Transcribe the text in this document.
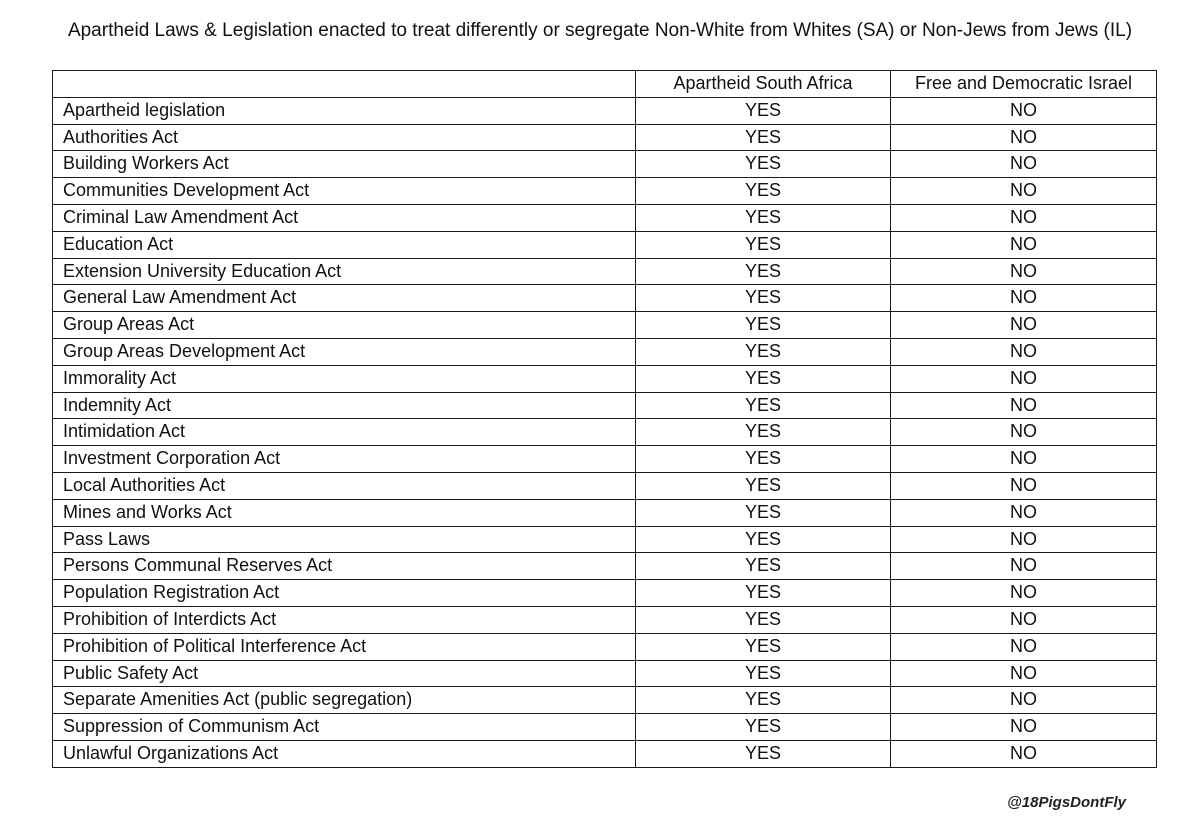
Apartheid Laws & Legislation enacted to treat differently or segregate Non-White from Whites (SA) or Non-Jews from Jews (IL)
	Apartheid South Africa	Free and Democratic Israel
Apartheid legislation	YES	NO
Authorities Act	YES	NO
Building Workers Act	YES	NO
Communities Development Act	YES	NO
Criminal Law Amendment Act	YES	NO
Education Act	YES	NO
Extension University Education Act	YES	NO
General Law Amendment Act	YES	NO
Group Areas Act	YES	NO
Group Areas Development Act	YES	NO
Immorality Act	YES	NO
Indemnity Act	YES	NO
Intimidation Act	YES	NO
Investment Corporation Act	YES	NO
Local Authorities Act	YES	NO
Mines and Works Act	YES	NO
Pass Laws	YES	NO
Persons Communal Reserves Act	YES	NO
Population Registration Act	YES	NO
Prohibition of Interdicts Act	YES	NO
Prohibition of Political Interference Act	YES	NO
Public Safety Act	YES	NO
Separate Amenities Act (public segregation)	YES	NO
Suppression of Communism Act	YES	NO
Unlawful Organizations Act	YES	NO
@18PigsDontFly
